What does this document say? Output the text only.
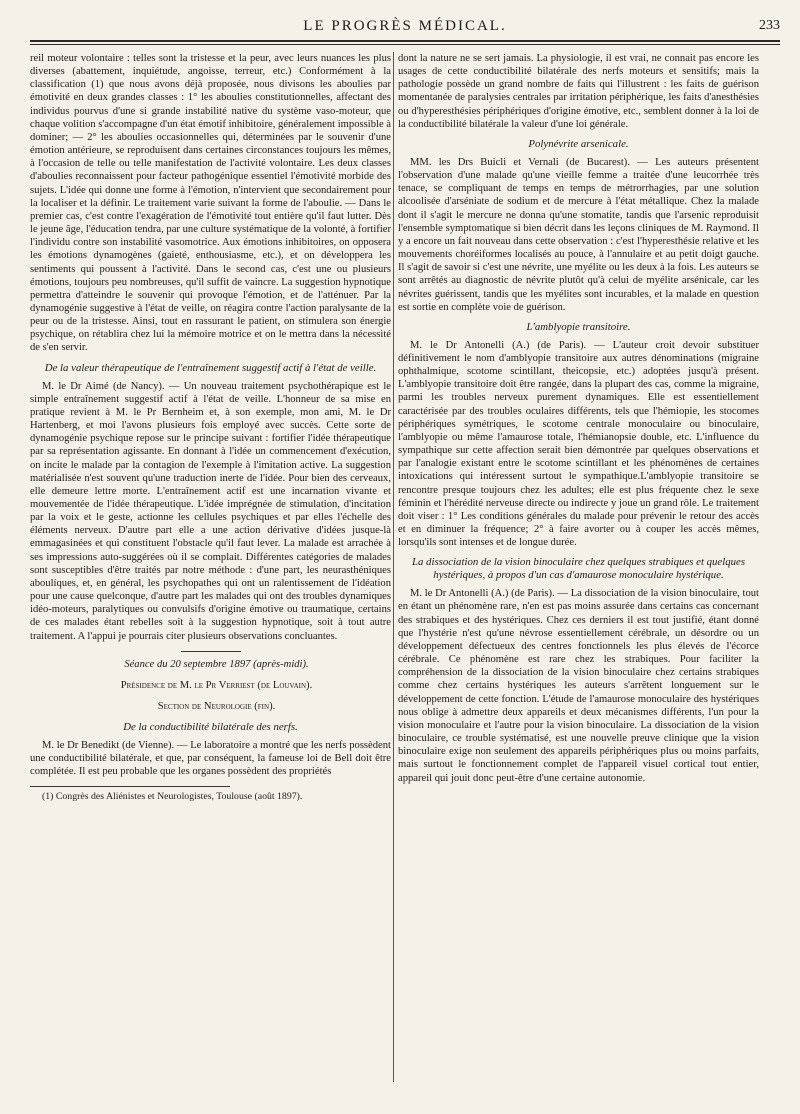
LE PROGRÈS MÉDICAL.	233

reil moteur volontaire : telles sont la tristesse et la peur, avec leurs nuances les plus diverses (abattement, inquiétude, angoisse, terreur, etc.) Conformément à la classification (1) que nous avons déjà proposée, nous divisons les aboulies par émotivité en deux grandes classes : 1° les aboulies constitutionnelles, affectant des individus pourvus d'une si grande instabilité native du système vaso-moteur, que chaque volition s'accompagne d'un état émotif inhibitoire, généralement impossible à dominer; — 2° les aboulies occasionnelles qui, déterminées par le souvenir d'une émotion antérieure, se reproduisent dans certaines circonstances toujours les mêmes, à l'occasion de telle ou telle manifestation de l'activité volontaire. Les deux classes d'aboulies reconnaissent pour facteur pathogénique essentiel l'émotivité morbide des sujets. L'idée qui donne une forme à l'émotion, n'intervient que secondairement pour la localiser et la définir. Le traitement varie suivant la forme de l'aboulie. — Dans le premier cas, c'est contre l'exagération de l'émotivité tout entière qu'il faut lutter. Dès le jeune âge, l'éducation tendra, par une culture systématique de la volonté, à fortifier l'individu contre son instabilité vasomotrice. Aux émotions inhibitoires, on opposera les émotions dynamogènes (gaieté, enthousiasme, etc.), et on développera les sentiments qui poussent à l'activité. Dans le second cas, c'est une ou plusieurs émotions, toujours peu nombreuses, qu'il suffit de vaincre. La suggestion hypnotique permettra d'atteindre le souvenir qui provoque l'émotion, et de l'atténuer. Par la dynamogénie suggestive à l'état de veille, on réagira contre l'action paralysante de la peur ou de la tristesse. Ainsi, tout en rassurant le patient, on stimulera son énergie psychique, on rétablira chez lui la mémoire motrice et on le mettra dans la nécessité de s'en servir.

De la valeur thérapeutique de l'entraînement suggestif actif à l'état de veille.

M. le Dr Aimé (de Nancy). — Un nouveau traitement psychothérapique est le simple entraînement suggestif actif à l'état de veille. L'honneur de sa mise en pratique revient à M. le Pr Bernheim et, à son exemple, mon ami, M. le Dr Hartenberg, et moi l'avons plusieurs fois employé avec succès. Cette sorte de dynamogénie psychique repose sur le principe suivant : fortifier l'idée thérapeutique par sa représentation agissante. En donnant à l'idée un commencement d'exécution, on incite le malade par la contagion de l'exemple à l'imitation active. La suggestion matérialisée n'est souvent qu'une traduction inerte de l'idée. Pour bien des cerveaux, elle demeure lettre morte. L'entraînement actif est une incarnation vivante et mouvementée de l'idée thérapeutique. L'idée imprégnée de stimulation, d'incitation par la voix et le geste, actionne les cellules psychiques et par elles l'échelle des éléments nerveux. D'autre part elle a une action dérivative d'idées jusque-là emmagasinées et qui constituent l'obstacle qu'il faut lever. La malade est arrachée à ses impressions auto-suggérées où il se complait. Différentes catégories de malades sont susceptibles d'être traités par notre méthode : d'une part, les neurasthéniques aboulíques, et, en général, les psychopathes qui ont un ralentissement de l'idéation pour une cause quelconque, d'autre part les malades qui ont des troubles dynamiques idéo-moteurs, paralytiques ou convulsifs d'origine émotive ou traumatique, certains de ces malades étant rebelles soit à la suggestion hypnotique, soit à tout autre traitement. A l'appui je pourrais citer plusieurs observations concluantes.

Séance du 20 septembre 1897 (après-midi).

Présidence de M. le Pr Verriest (de Louvain).

Section de Neurologie (fin).

De la conductibilité bilatérale des nerfs.

M. le Dr Benedikt (de Vienne). — Le laboratoire a montré que les nerfs possèdent une conductibilité bilatérale, et que, par conséquent, la fameuse loi de Bell doit être complétée. Il est peu probable que les organes possèdent des propriétés

(1) Congrès des Aliénistes et Neurologistes, Toulouse (août 1897).

dont la nature ne se sert jamais. La physiologie, il est vrai, ne connait pas encore les usages de cette conductibilité bilatérale des nerfs moteurs et sensitifs; mais la pathologie possède un grand nombre de faits qui l'illustrent : les faits de guérison momentanée de paralysies centrales par irritation périphérique, les faits d'anesthésies ou d'hyperesthésies périphériques d'origine émotive, etc., semblent donner à la loi de la conductibilité bilatérale la valeur d'une loi générale.

Polynévrite arsenicale.

MM. les Drs Buicli et Vernali (de Bucarest). — Les auteurs présentent l'observation d'une malade qu'une vieille femme a traitée d'une leucorrhée très tenace, se compliquant de temps en temps de métrorrhagies, par une solution alcoolisée d'arséniate de sodium et de mercure à l'état métallique. Chez la malade dont il s'agit le mercure ne donna qu'une stomatite, tandis que l'arsenic reproduisit l'ensemble symptomatique si bien décrit dans les leçons cliniques de M. Raymond. Il y a encore un fait nouveau dans cette observation : c'est l'hyperesthésie relative et les mouvements choréiformes localisés au pouce, à l'annulaire et au petit doigt gauche. Il s'agit de savoir si c'est une névrite, une myélite ou les deux à la fois. Les auteurs se sont arrêtés au diagnostic de névrite plutôt qu'à celui de myélite arsénicale, car les névrites guérissent, tandis que les myélites sont incurables, et la malade en question est sortie en complète voie de guérison.

L'amblyopie transitoire.

M. le Dr Antonelli (A.) (de Paris). — L'auteur croit devoir substituer définitivement le nom d'amblyopie transitoire aux autres dénominations (migraine ophthalmique, scotome scintillant, theicopsie, etc.) adoptées jusqu'à présent. L'amblyopie transitoire doit être rangée, dans la plupart des cas, comme la migraine, parmi les troubles nerveux purement dynamiques. Elle est essentiellement caractérisée par des troubles oculaires différents, tels que l'hémiopie, les stocomes périphériques symétriques, le scotome centrale monoculaire ou binoculaire, l'amblyopie ou même l'amaurose totale, l'hémianopsie double, etc. L'influence du sympathique sur cette affection serait bien démontrée par quelques observations et par l'analogie existant entre le scotome scintillant et les phénomènes de certaines intoxications qui intéressent surtout le sympathique.L'amblyopie transitoire se rencontre presque toujours chez les adultes; elle est plus fréquente chez le sexe féminin et l'hérédité nerveuse directe ou indirecte y joue un grand rôle. Le traitement doit viser : 1° Les conditions générales du malade pour prévenir le retour des accès et en diminuer la fréquence; 2° à faire avorter ou à couper les accès mêmes, lorsqu'ils sont intenses et de longue durée.

La dissociation de la vision binoculaire chez quelques strabiques et quelques hystériques, à propos d'un cas d'amaurose monoculaire hystérique.

M. le Dr Antonelli (A.) (de Paris). — La dissociation de la vision binoculaire, tout en étant un phénomène rare, n'en est pas moins assurée dans certains cas concernant des strabiques et des hystériques. Chez ces derniers il est tout justifié, étant donné que l'hystérie n'est qu'une névrose essentiellement cérébrale, un désordre ou un développement défectueux des centres fonctionnels les plus élevés de l'écorce cérébrale. Ce phénomène est rare chez les strabiques. Pour faciliter la compréhension de la dissociation de la vision binoculaire chez certains strabiques comme chez certains hystériques les auteurs s'arrêtent longuement sur le développement de cette fonction. L'étude de l'amaurose monoculaire des hystériques nous oblige à admettre deux appareils et deux mécanismes différents, l'un pour la vision monoculaire et l'autre pour la vision binoculaire. La dissociation de la vision binoculaire, ce trouble systématisé, est une nouvelle preuve clinique que la vision binoculaire exige non seulement des appareils périphériques plus ou moins parfaits, mais surtout le fonctionnement complet de l'appareil visuel cortical tout entier, appareil qui jouit donc peut-être d'une certaine autonomie.
